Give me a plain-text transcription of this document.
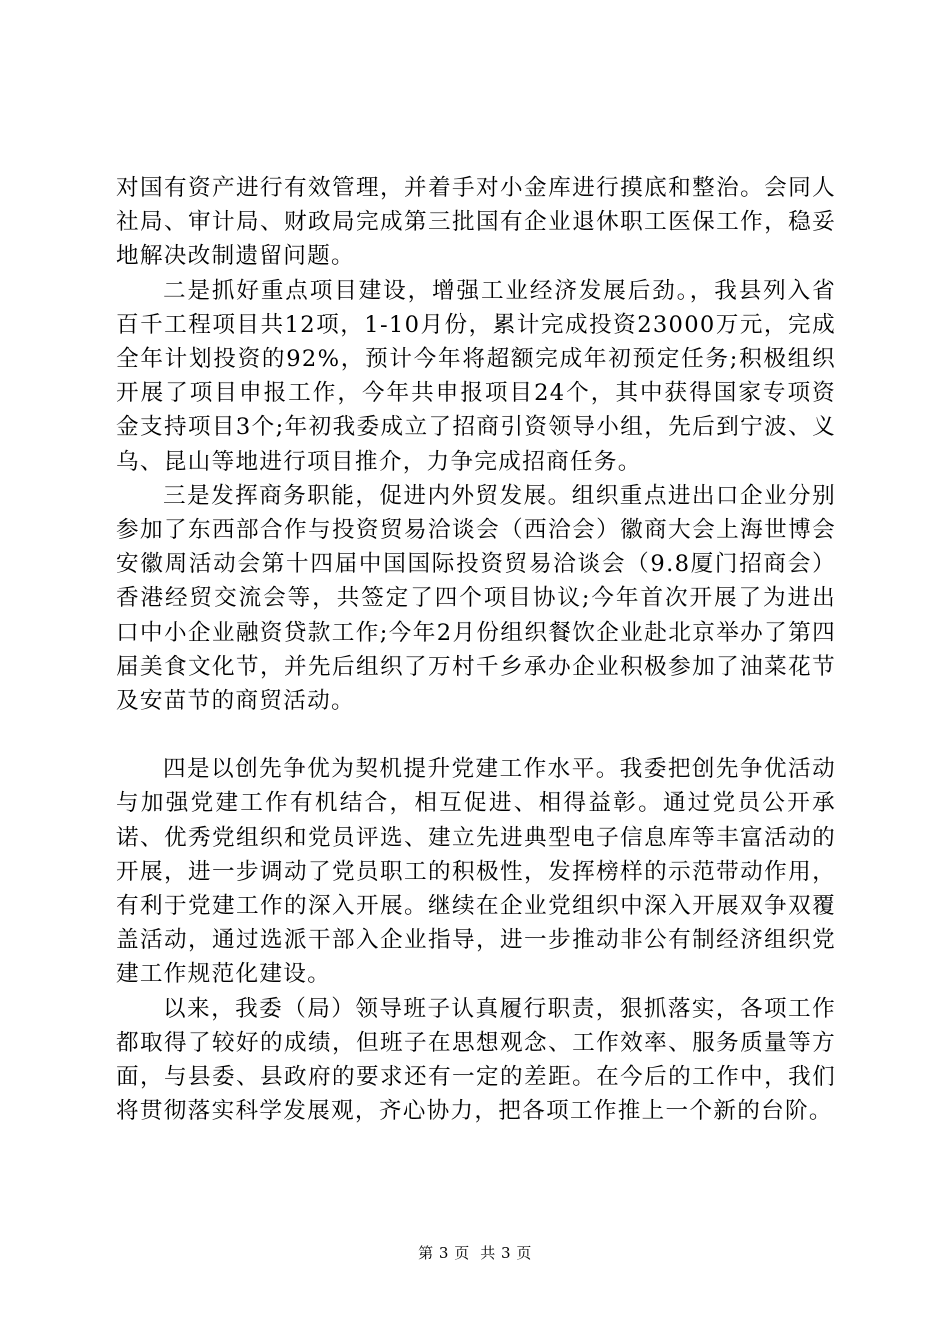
对国有资产进行有效管理，并着手对小金库进行摸底和整治。会同人社局、审计局、财政局完成第三批国有企业退休职工医保工作，稳妥地解决改制遗留问题。

二是抓好重点项目建设，增强工业经济发展后劲。，我县列入省百千工程项目共12项，1-10月份，累计完成投资23000万元，完成全年计划投资的92%，预计今年将超额完成年初预定任务;积极组织开展了项目申报工作，今年共申报项目24个，其中获得国家专项资金支持项目3个;年初我委成立了招商引资领导小组，先后到宁波、义乌、昆山等地进行项目推介，力争完成招商任务。

三是发挥商务职能，促进内外贸发展。组织重点进出口企业分别参加了东西部合作与投资贸易洽谈会（西洽会）徽商大会上海世博会安徽周活动会第十四届中国国际投资贸易洽谈会（9.8厦门招商会）香港经贸交流会等，共签定了四个项目协议;今年首次开展了为进出口中小企业融资贷款工作;今年2月份组织餐饮企业赴北京举办了第四届美食文化节，并先后组织了万村千乡承办企业积极参加了油菜花节及安苗节的商贸活动。

四是以创先争优为契机提升党建工作水平。我委把创先争优活动与加强党建工作有机结合，相互促进、相得益彰。通过党员公开承诺、优秀党组织和党员评选、建立先进典型电子信息库等丰富活动的开展，进一步调动了党员职工的积极性，发挥榜样的示范带动作用，有利于党建工作的深入开展。继续在企业党组织中深入开展双争双覆盖活动，通过选派干部入企业指导，进一步推动非公有制经济组织党建工作规范化建设。

以来，我委（局）领导班子认真履行职责，狠抓落实，各项工作都取得了较好的成绩，但班子在思想观念、工作效率、服务质量等方面，与县委、县政府的要求还有一定的差距。在今后的工作中，我们将贯彻落实科学发展观，齐心协力，把各项工作推上一个新的台阶。

第 3 页  共 3 页
